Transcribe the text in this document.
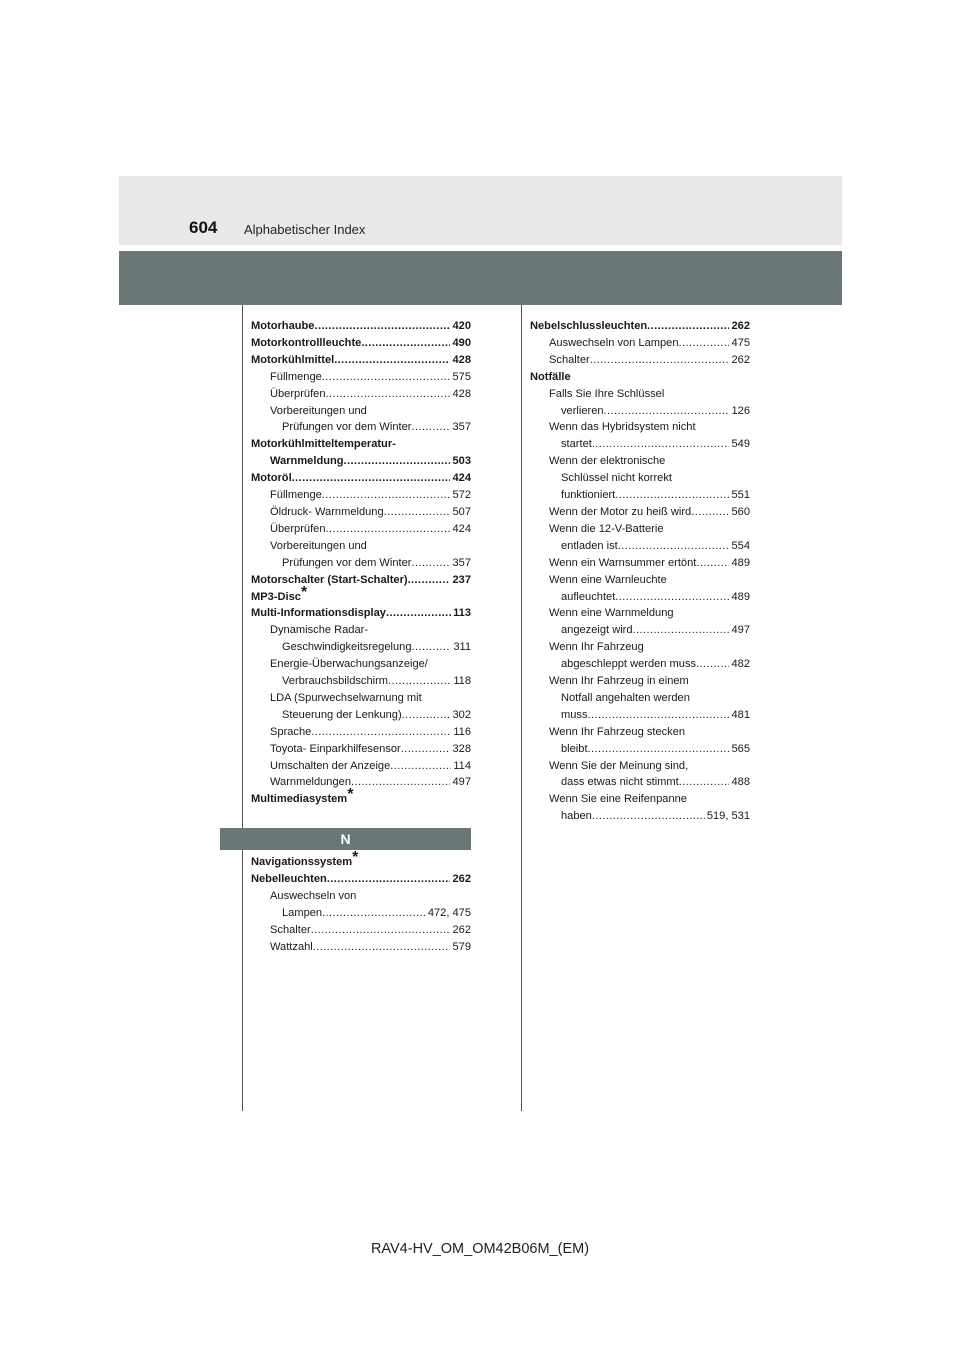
604 Alphabetischer Index
Motorhaube .....	420
Motorkontrollleuchte .....	490
Motorkühlmittel .....	428
Füllmenge .....	575
Überprüfen .....	428
Vorbereitungen und
Prüfungen vor dem Winter .....	357
Motorkühlmitteltemperatur-
Warnmeldung .....	503
Motoröl .....	424
Füllmenge .....	572
Öldruck- Warnmeldung .....	507
Überprüfen .....	424
Vorbereitungen und
Prüfungen vor dem Winter .....	357
Motorschalter (Start-Schalter) .....	237
MP3-Disc*
Multi-Informationsdisplay .....	113
Dynamische Radar-
Geschwindigkeitsregelung .....	311
Energie-Überwachungsanzeige/
Verbrauchsbildschirm .....	118
LDA (Spurwechselwarnung mit
Steuerung der Lenkung) .....	302
Sprache .....	116
Toyota- Einparkhilfesensor .....	328
Umschalten der Anzeige .....	114
Warnmeldungen .....	497
Multimediasystem*
N
Navigationssystem*
Nebelleuchten .....	262
Auswechseln von
Lampen .....	472, 475
Schalter .....	262
Wattzahl .....	579
Nebelschlussleuchten .....	262
Auswechseln von Lampen .....	475
Schalter .....	262
Notfälle
Falls Sie Ihre Schlüssel
verlieren .....	126
Wenn das Hybridsystem nicht
startet .....	549
Wenn der elektronische
Schlüssel nicht korrekt
funktioniert .....	551
Wenn der Motor zu heiß wird .....	560
Wenn die 12-V-Batterie
entladen ist .....	554
Wenn ein Warnsummer ertönt .....	489
Wenn eine Warnleuchte
aufleuchtet .....	489
Wenn eine Warnmeldung
angezeigt wird .....	497
Wenn Ihr Fahrzeug
abgeschleppt werden muss .....	482
Wenn Ihr Fahrzeug in einem
Notfall angehalten werden
muss .....	481
Wenn Ihr Fahrzeug stecken
bleibt .....	565
Wenn Sie der Meinung sind,
dass etwas nicht stimmt .....	488
Wenn Sie eine Reifenpanne
haben .....	519, 531
RAV4-HV_OM_OM42B06M_(EM)
